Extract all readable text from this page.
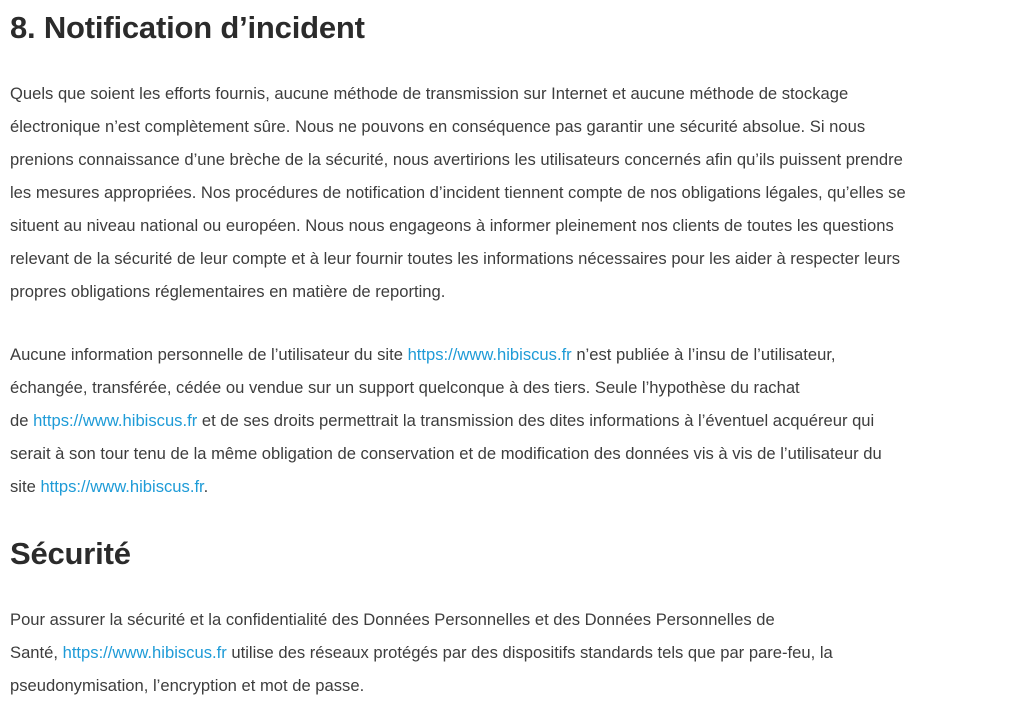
8. Notification d’incident

Quels que soient les efforts fournis, aucune méthode de transmission sur Internet et aucune méthode de stockage
électronique n’est complètement sûre. Nous ne pouvons en conséquence pas garantir une sécurité absolue. Si nous
prenions connaissance d’une brèche de la sécurité, nous avertirions les utilisateurs concernés afin qu’ils puissent prendre
les mesures appropriées. Nos procédures de notification d’incident tiennent compte de nos obligations légales, qu’elles se
situent au niveau national ou européen. Nous nous engageons à informer pleinement nos clients de toutes les questions
relevant de la sécurité de leur compte et à leur fournir toutes les informations nécessaires pour les aider à respecter leurs
propres obligations réglementaires en matière de reporting.

Aucune information personnelle de l’utilisateur du site https://www.hibiscus.fr n’est publiée à l’insu de l’utilisateur,
échangée, transférée, cédée ou vendue sur un support quelconque à des tiers. Seule l’hypothèse du rachat
de https://www.hibiscus.fr et de ses droits permettrait la transmission des dites informations à l’éventuel acquéreur qui
serait à son tour tenu de la même obligation de conservation et de modification des données vis à vis de l’utilisateur du
site https://www.hibiscus.fr.

Sécurité

Pour assurer la sécurité et la confidentialité des Données Personnelles et des Données Personnelles de
Santé, https://www.hibiscus.fr utilise des réseaux protégés par des dispositifs standards tels que par pare-feu, la
pseudonymisation, l’encryption et mot de passe.
